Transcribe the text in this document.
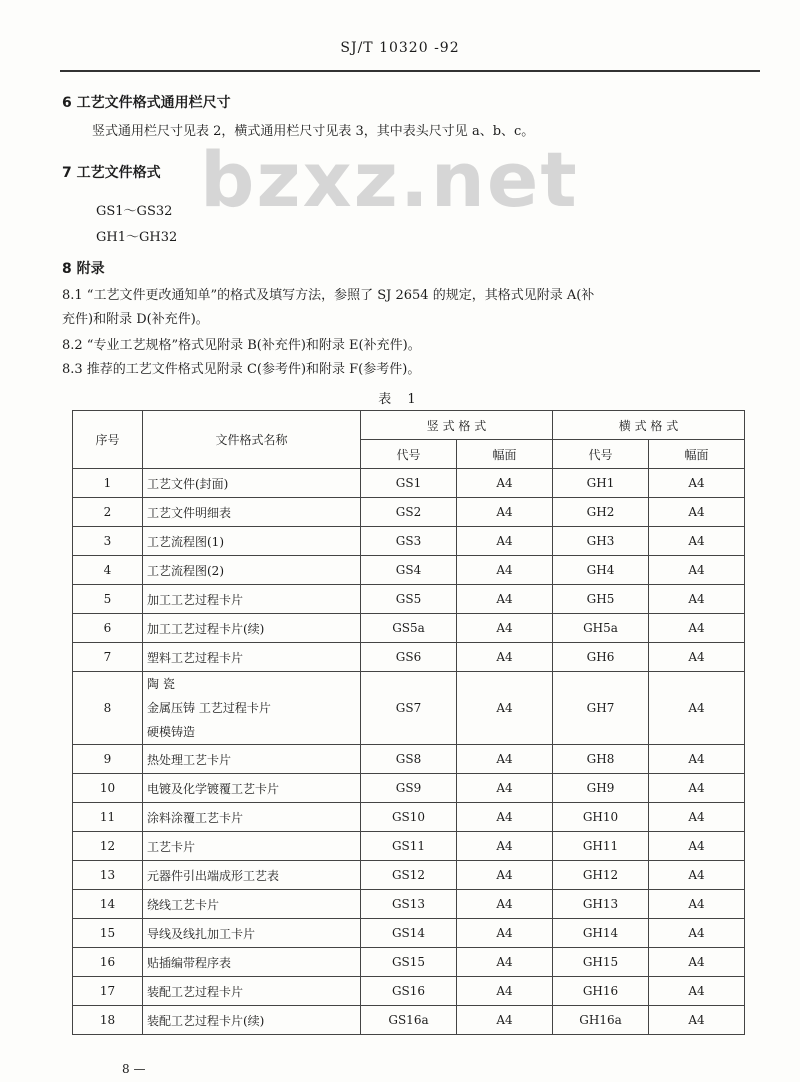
SJ/T 10320 -92
bzxz.net
6 工艺文件格式通用栏尺寸
竖式通用栏尺寸见表 2，横式通用栏尺寸见表 3，其中表头尺寸见 a、b、c。
7 工艺文件格式
GS1～GS32
GH1～GH32
8 附录
8.1 “工艺文件更改通知单”的格式及填写方法，参照了 SJ 2654 的规定，其格式见附录 A(补
充件)和附录 D(补充件)。
8.2 “专业工艺规格”格式见附录 B(补充件)和附录 E(补充件)。
8.3 推荐的工艺文件格式见附录 C(参考件)和附录 F(参考件)。
表 1
序号	文件格式名称	竖 式 格 式		横 式 格 式	
		代号	幅面	代号	幅面
1	工艺文件(封面)	GS1	A4	GH1	A4
2	工艺文件明细表	GS2	A4	GH2	A4
3	工艺流程图(1)	GS3	A4	GH3	A4
4	工艺流程图(2)	GS4	A4	GH4	A4
5	加工工艺过程卡片	GS5	A4	GH5	A4
6	加工工艺过程卡片(续)	GS5a	A4	GH5a	A4
7	塑料工艺过程卡片	GS6	A4	GH6	A4
8	陶 瓷
金属压铸 工艺过程卡片
硬模铸造	GS7	A4	GH7	A4
9	热处理工艺卡片	GS8	A4	GH8	A4
10	电镀及化学镀覆工艺卡片	GS9	A4	GH9	A4
11	涂料涂覆工艺卡片	GS10	A4	GH10	A4
12	工艺卡片	GS11	A4	GH11	A4
13	元器件引出端成形工艺表	GS12	A4	GH12	A4
14	绕线工艺卡片	GS13	A4	GH13	A4
15	导线及线扎加工卡片	GS14	A4	GH14	A4
16	贴插编带程序表	GS15	A4	GH15	A4
17	装配工艺过程卡片	GS16	A4	GH16	A4
18	装配工艺过程卡片(续)	GS16a	A4	GH16a	A4
8 —
